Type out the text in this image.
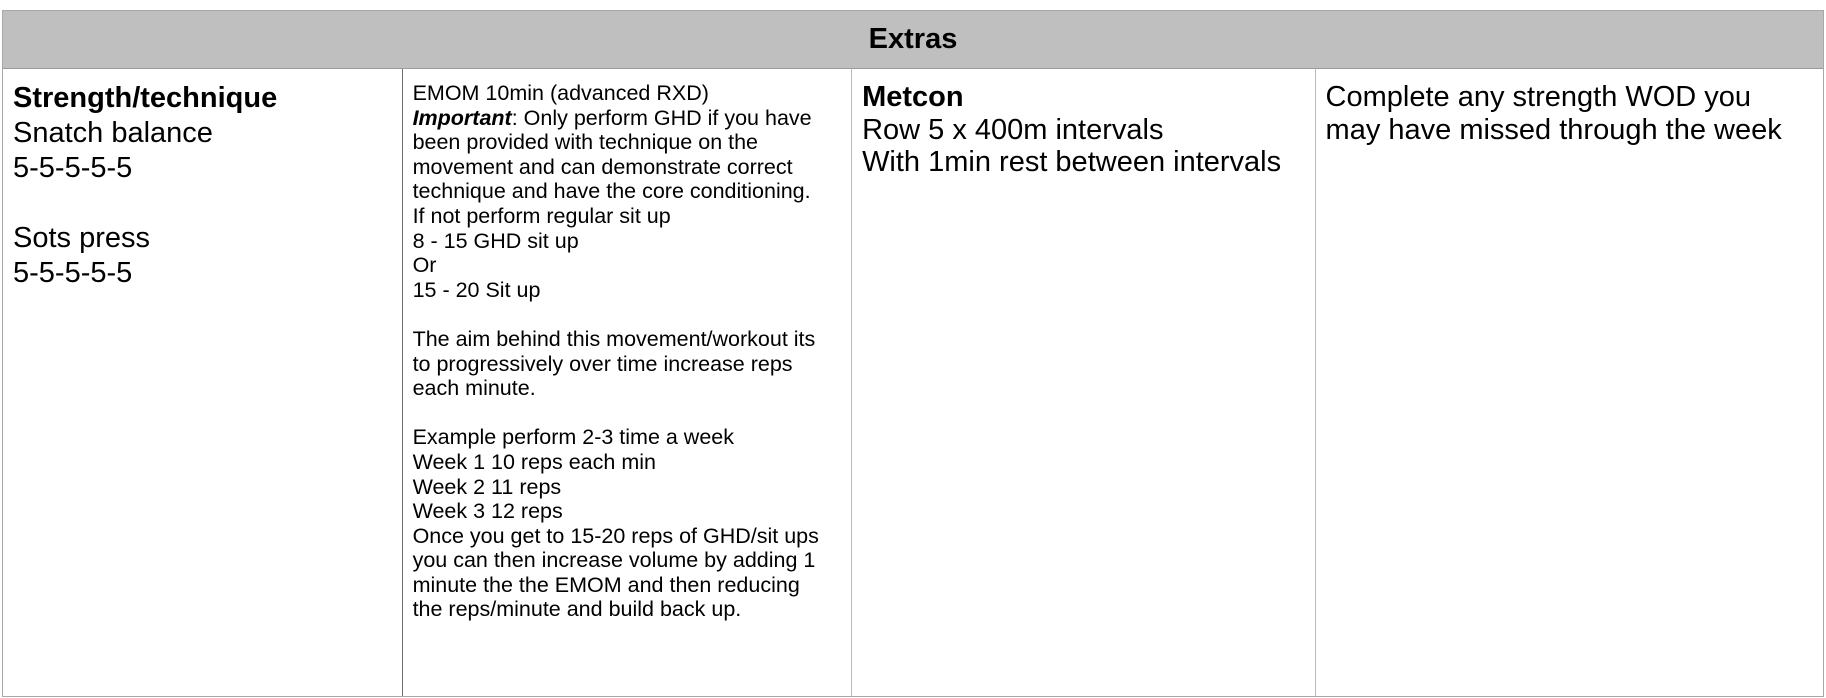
Extras
Strength/technique
Snatch balance
5-5-5-5-5
Sots press
5-5-5-5-5
EMOM 10min (advanced RXD)
Important: Only perform GHD if you have
been provided with technique on the
movement and can demonstrate correct
technique and have the core conditioning.
If not perform regular sit up
8 - 15 GHD sit up
Or
15 - 20 Sit up
The aim behind this movement/workout its
to progressively over time increase reps
each minute.
Example perform 2-3 time a week
Week 1 10 reps each min
Week 2 11 reps
Week 3 12 reps
Once you get to 15-20 reps of GHD/sit ups
you can then increase volume by adding 1
minute the the EMOM and then reducing
the reps/minute and build back up.
Metcon
Row 5 x 400m intervals
With 1min rest between intervals
Complete any strength WOD you
may have missed through the week
